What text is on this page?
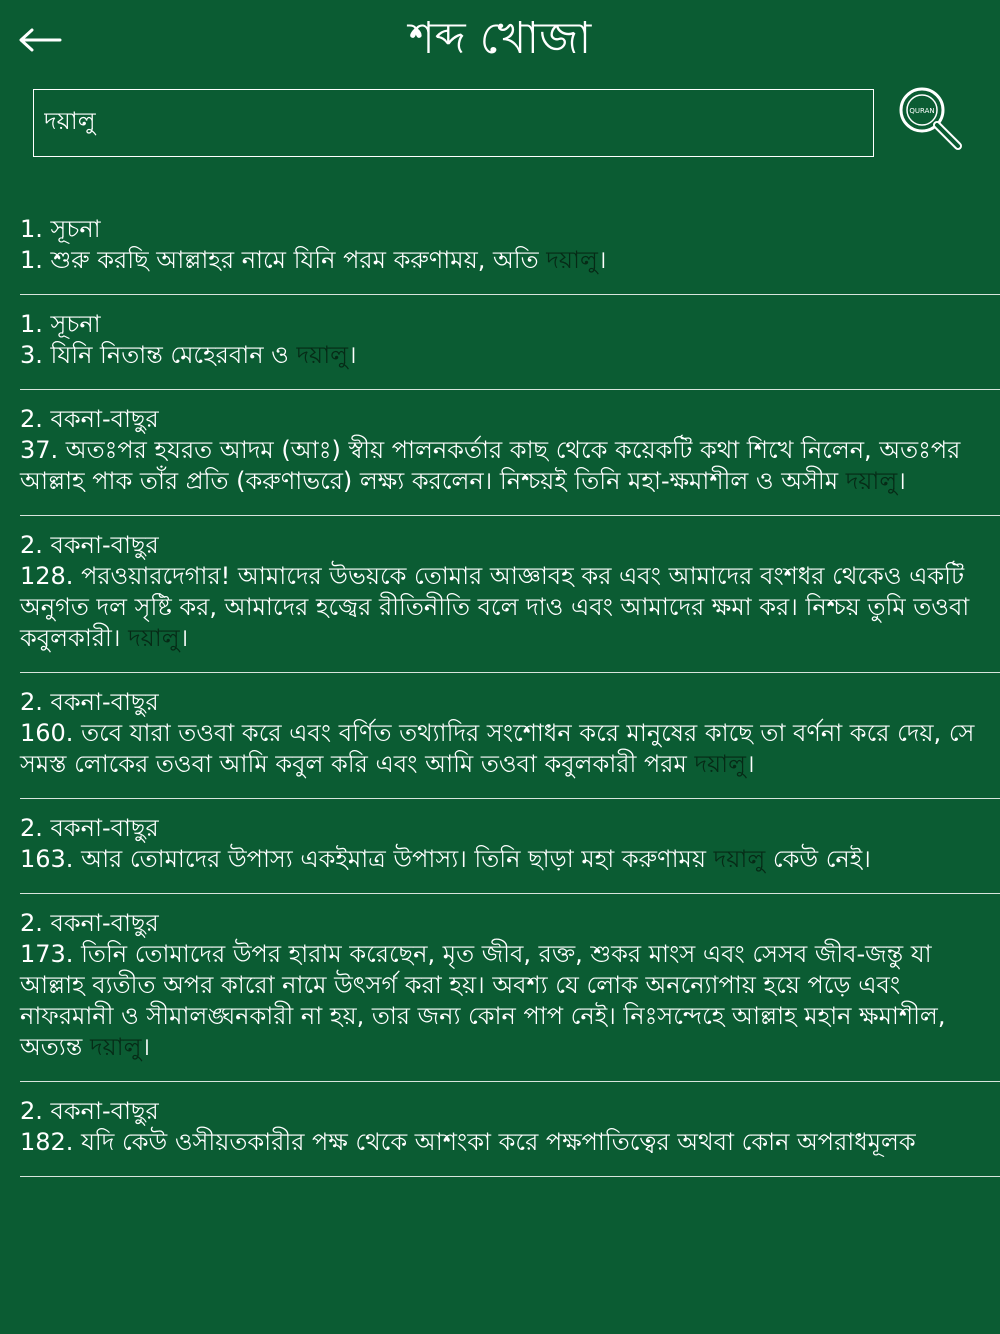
শব্দ খোজা
দয়ালু
QURAN
1. সূচনা
1. শুরু করছি আল্লাহর নামে যিনি পরম করুণাময়, অতি দয়ালু।
1. সূচনা
3. যিনি নিতান্ত মেহেরবান ও দয়ালু।
2. বকনা-বাছুর
37. অতঃপর হযরত আদম (আঃ) স্বীয় পালনকর্তার কাছ থেকে কয়েকটি কথা শিখে নিলেন, অতঃপর আল্লাহ পাক তাঁর প্রতি (করুণাভরে) লক্ষ্য করলেন। নিশ্চয়ই তিনি মহা-ক্ষমাশীল ও অসীম দয়ালু।
2. বকনা-বাছুর
128. পরওয়ারদেগার! আমাদের উভয়কে তোমার আজ্ঞাবহ কর এবং আমাদের বংশধর থেকেও একটি অনুগত দল সৃষ্টি কর, আমাদের হজ্বের রীতিনীতি বলে দাও এবং আমাদের ক্ষমা কর। নিশ্চয় তুমি তওবা কবুলকারী। দয়ালু।
2. বকনা-বাছুর
160. তবে যারা তওবা করে এবং বর্ণিত তথ্যাদির সংশোধন করে মানুষের কাছে তা বর্ণনা করে দেয়, সে সমস্ত লোকের তওবা আমি কবুল করি এবং আমি তওবা কবুলকারী পরম দয়ালু।
2. বকনা-বাছুর
163. আর তোমাদের উপাস্য একইমাত্র উপাস্য। তিনি ছাড়া মহা করুণাময় দয়ালু কেউ নেই।
2. বকনা-বাছুর
173. তিনি তোমাদের উপর হারাম করেছেন, মৃত জীব, রক্ত, শুকর মাংস এবং সেসব জীব-জন্তু যা আল্লাহ ব্যতীত অপর কারো নামে উৎসর্গ করা হয়। অবশ্য যে লোক অনন্যোপায় হয়ে পড়ে এবং নাফরমানী ও সীমালঙ্ঘনকারী না হয়, তার জন্য কোন পাপ নেই। নিঃসন্দেহে আল্লাহ মহান ক্ষমাশীল, অত্যন্ত দয়ালু।
2. বকনা-বাছুর
182. যদি কেউ ওসীয়তকারীর পক্ষ থেকে আশংকা করে পক্ষপাতিত্বের অথবা কোন অপরাধমূলক
